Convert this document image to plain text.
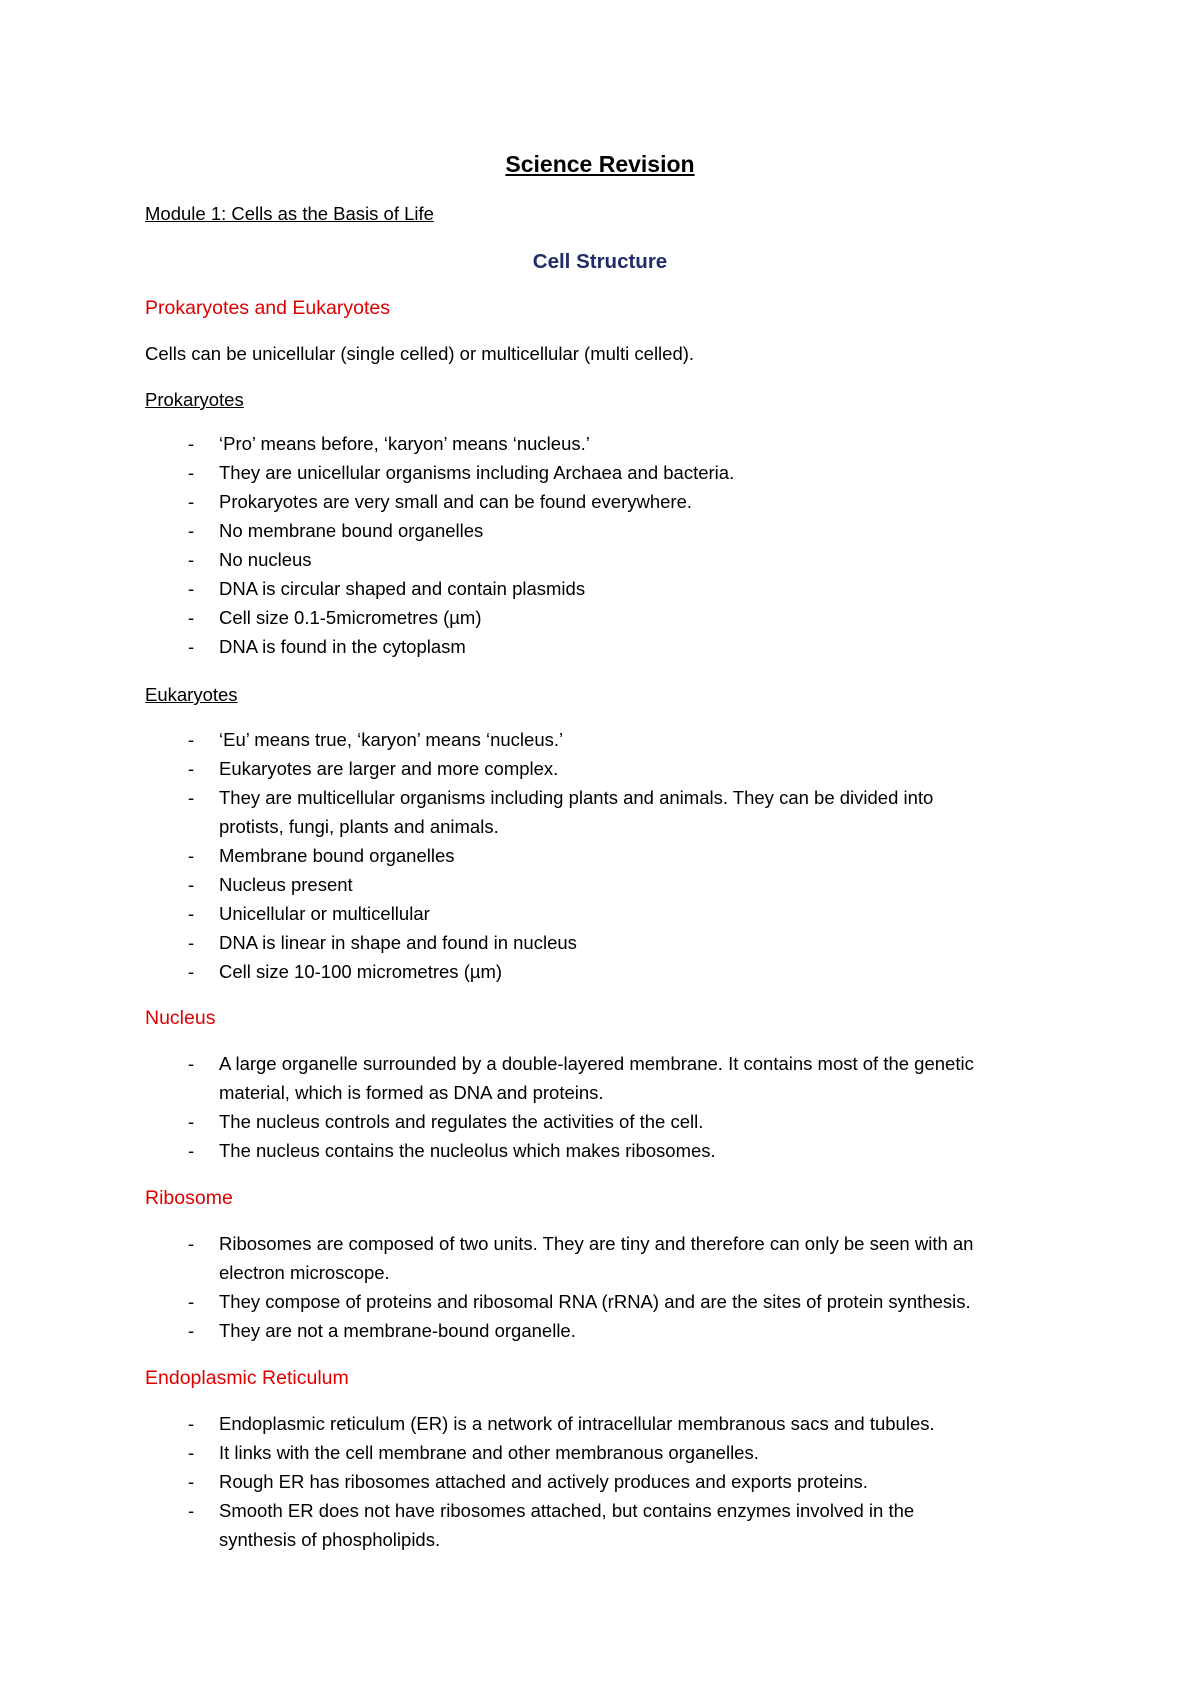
Science Revision
Module 1: Cells as the Basis of Life
Cell Structure
Prokaryotes and Eukaryotes
Cells can be unicellular (single celled) or multicellular (multi celled).
Prokaryotes
- ‘Pro’ means before, ‘karyon’ means ‘nucleus.’
- They are unicellular organisms including Archaea and bacteria.
- Prokaryotes are very small and can be found everywhere.
- No membrane bound organelles
- No nucleus
- DNA is circular shaped and contain plasmids
- Cell size 0.1-5micrometres (µm)
- DNA is found in the cytoplasm
Eukaryotes
- ‘Eu’ means true, ‘karyon’ means ‘nucleus.’
- Eukaryotes are larger and more complex.
- They are multicellular organisms including plants and animals. They can be divided into
protists, fungi, plants and animals.
- Membrane bound organelles
- Nucleus present
- Unicellular or multicellular
- DNA is linear in shape and found in nucleus
- Cell size 10-100 micrometres (µm)
Nucleus
- A large organelle surrounded by a double-layered membrane. It contains most of the genetic
material, which is formed as DNA and proteins.
- The nucleus controls and regulates the activities of the cell.
- The nucleus contains the nucleolus which makes ribosomes.
Ribosome
- Ribosomes are composed of two units. They are tiny and therefore can only be seen with an
electron microscope.
- They compose of proteins and ribosomal RNA (rRNA) and are the sites of protein synthesis.
- They are not a membrane-bound organelle.
Endoplasmic Reticulum
- Endoplasmic reticulum (ER) is a network of intracellular membranous sacs and tubules.
- It links with the cell membrane and other membranous organelles.
- Rough ER has ribosomes attached and actively produces and exports proteins.
- Smooth ER does not have ribosomes attached, but contains enzymes involved in the
synthesis of phospholipids.
